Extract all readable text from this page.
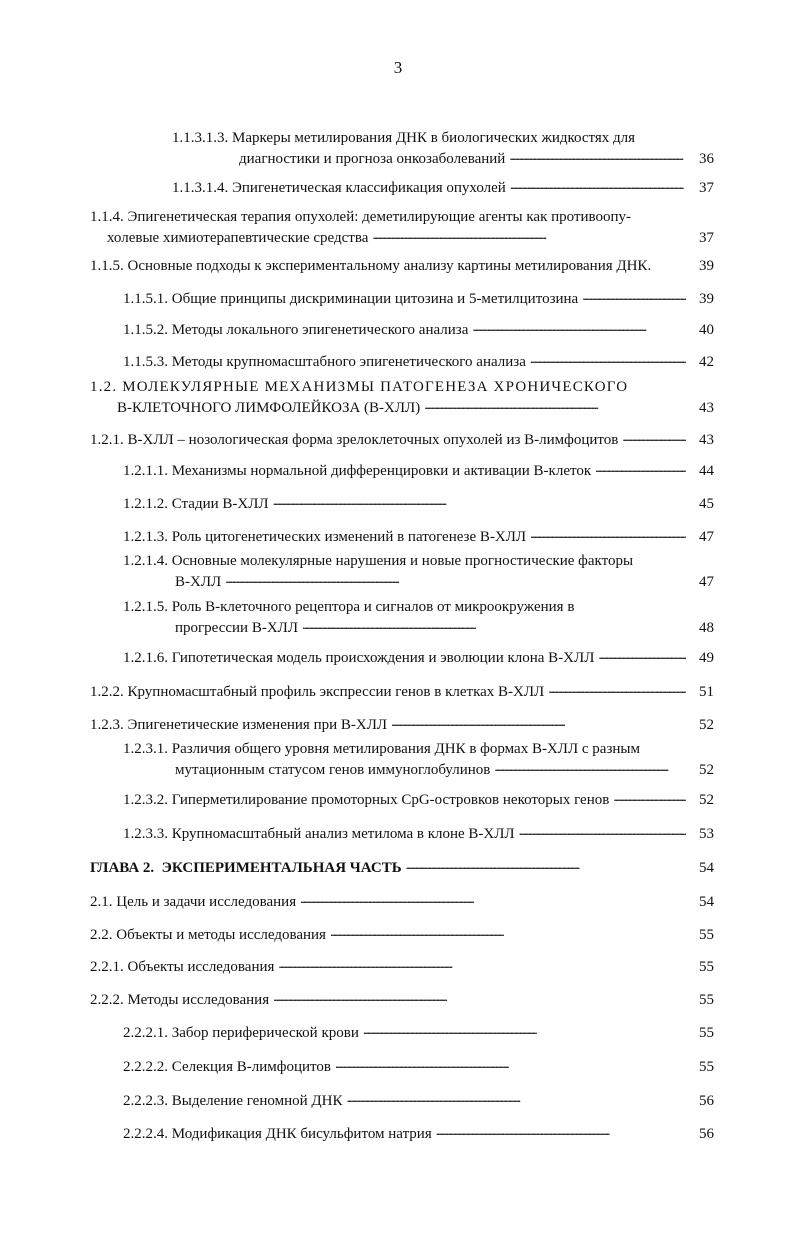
3
1.1.3.1.3. Маркеры метилирования ДНК в биологических жидкостях для
диагностики и прогноза онкозаболеваний . . .	36
1.1.3.1.4. Эпигенетическая классификация опухолей . . .	37
1.1.4. Эпигенетическая терапия опухолей: деметилирующие агенты как противоопу-
холевые химиотерапевтические средства . . .	37
1.1.5. Основные подходы к экспериментальному анализу картины метилирования ДНК.	39
1.1.5.1. Общие принципы дискриминации цитозина и 5-метилцитозина . . .	39
1.1.5.2. Методы локального эпигенетического анализа . . .	40
1.1.5.3. Методы крупномасштабного эпигенетического анализа . . .	42
1.2. МОЛЕКУЛЯРНЫЕ МЕХАНИЗМЫ ПАТОГЕНЕЗА ХРОНИЧЕСКОГО
В-КЛЕТОЧНОГО ЛИМФОЛЕЙКОЗА (В-ХЛЛ) . . .	43
1.2.1. В-ХЛЛ – нозологическая форма зрелоклеточных опухолей из В-лимфоцитов . . .	43
1.2.1.1. Механизмы нормальной дифференцировки и активации В-клеток . . .	44
1.2.1.2. Стадии В-ХЛЛ . . .	45
1.2.1.3. Роль цитогенетических изменений в патогенезе В-ХЛЛ . . .	47
1.2.1.4. Основные молекулярные нарушения и новые прогностические факторы
В-ХЛЛ . . .	47
1.2.1.5. Роль В-клеточного рецептора и сигналов от микроокружения в
прогрессии В-ХЛЛ . . .	48
1.2.1.6. Гипотетическая модель происхождения и эволюции клона В-ХЛЛ . . .	49
1.2.2. Крупномасштабный профиль экспрессии генов в клетках В-ХЛЛ . . .	51
1.2.3. Эпигенетические изменения при В-ХЛЛ . . .	52
1.2.3.1. Различия общего уровня метилирования ДНК в формах В-ХЛЛ с разным
мутационным статусом генов иммуноглобулинов . . .	52
1.2.3.2. Гиперметилирование промоторных CpG-островков некоторых генов . . .	52
1.2.3.3. Крупномасштабный анализ метилома в клоне В-ХЛЛ . . .	53
ГЛАВА 2.  ЭКСПЕРИМЕНТАЛЬНАЯ ЧАСТЬ . . .	54
2.1. Цель и задачи исследования . . .	54
2.2. Объекты и методы исследования . . .	55
2.2.1. Объекты исследования . . .	55
2.2.2. Методы исследования . . .	55
2.2.2.1. Забор периферической крови . . .	55
2.2.2.2. Селекция В-лимфоцитов . . .	55
2.2.2.3. Выделение геномной ДНК . . .	56
2.2.2.4. Модификация ДНК бисульфитом натрия . . .	56
